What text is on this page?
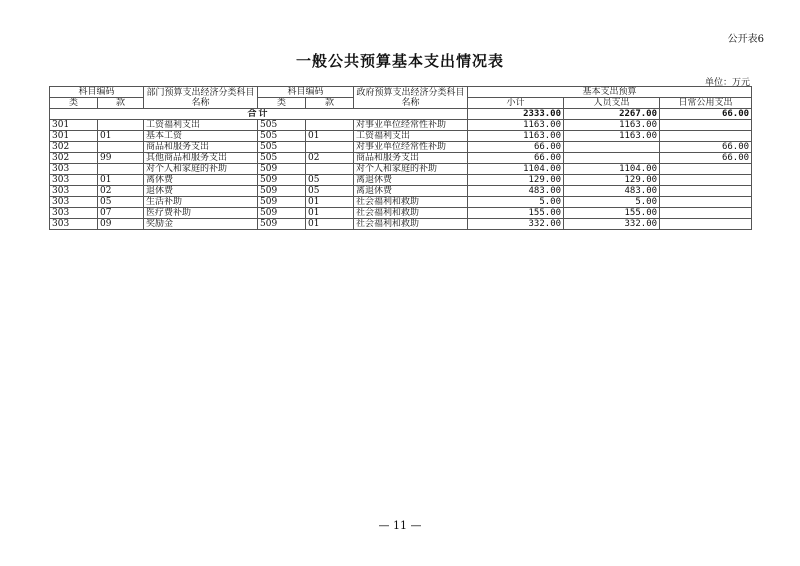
公开表6
一般公共预算基本支出情况表
单位：万元
科目编码		部门预算支出经济分类科目名称	科目编码		政府预算支出经济分类科目名称	基本支出预算		
类	款		类	款		小计	人员支出	日常公用支出
合计						2333.00	2267.00	66.00
301		工资福利支出	505		对事业单位经常性补助	1163.00	1163.00	
301	01	基本工资	505	01	工资福利支出	1163.00	1163.00	
302		商品和服务支出	505		对事业单位经常性补助	66.00		66.00
302	99	其他商品和服务支出	505	02	商品和服务支出	66.00		66.00
303		对个人和家庭的补助	509		对个人和家庭的补助	1104.00	1104.00	
303	01	离休费	509	05	离退休费	129.00	129.00	
303	02	退休费	509	05	离退休费	483.00	483.00	
303	05	生活补助	509	01	社会福利和救助	5.00	5.00	
303	07	医疗费补助	509	01	社会福利和救助	155.00	155.00	
303	09	奖励金	509	01	社会福利和救助	332.00	332.00	
— 11 —
